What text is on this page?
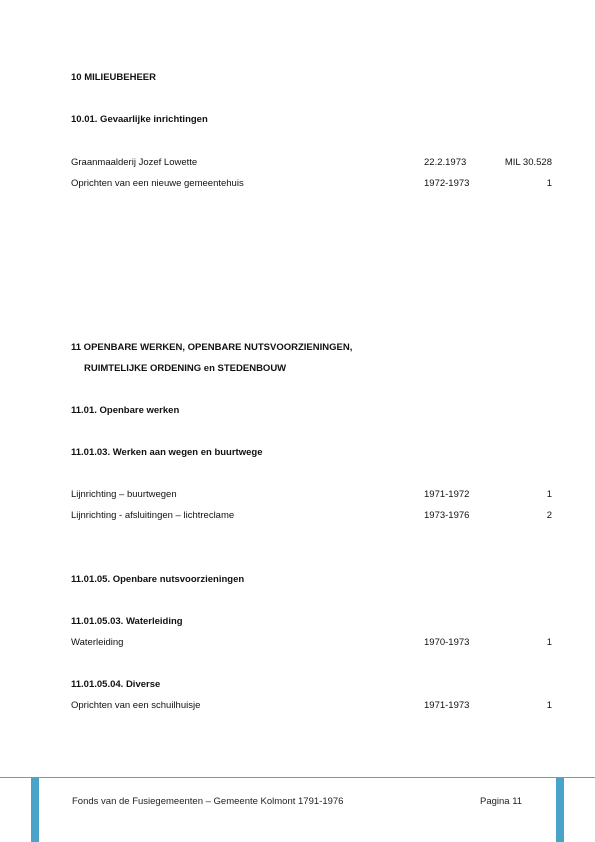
10 MILIEUBEHEER
10.01. Gevaarlijke inrichtingen
Graanmaalderij Jozef Lowette	22.2.1973	MIL 30.528
Oprichten van een nieuwe gemeentehuis	1972-1973	1
11 OPENBARE WERKEN, OPENBARE NUTSVOORZIENINGEN,
RUIMTELIJKE ORDENING en STEDENBOUW
11.01. Openbare werken
11.01.03. Werken aan wegen en buurtwege
Lijnrichting – buurtwegen	1971-1972	1
Lijnrichting - afsluitingen – lichtreclame	1973-1976	2
11.01.05. Openbare nutsvoorzieningen
11.01.05.03. Waterleiding
Waterleiding	1970-1973	1
11.01.05.04. Diverse
Oprichten van een schuilhuisje	1971-1973	1
Fonds van de Fusiegemeenten – Gemeente Kolmont 1791-1976	Pagina 11
